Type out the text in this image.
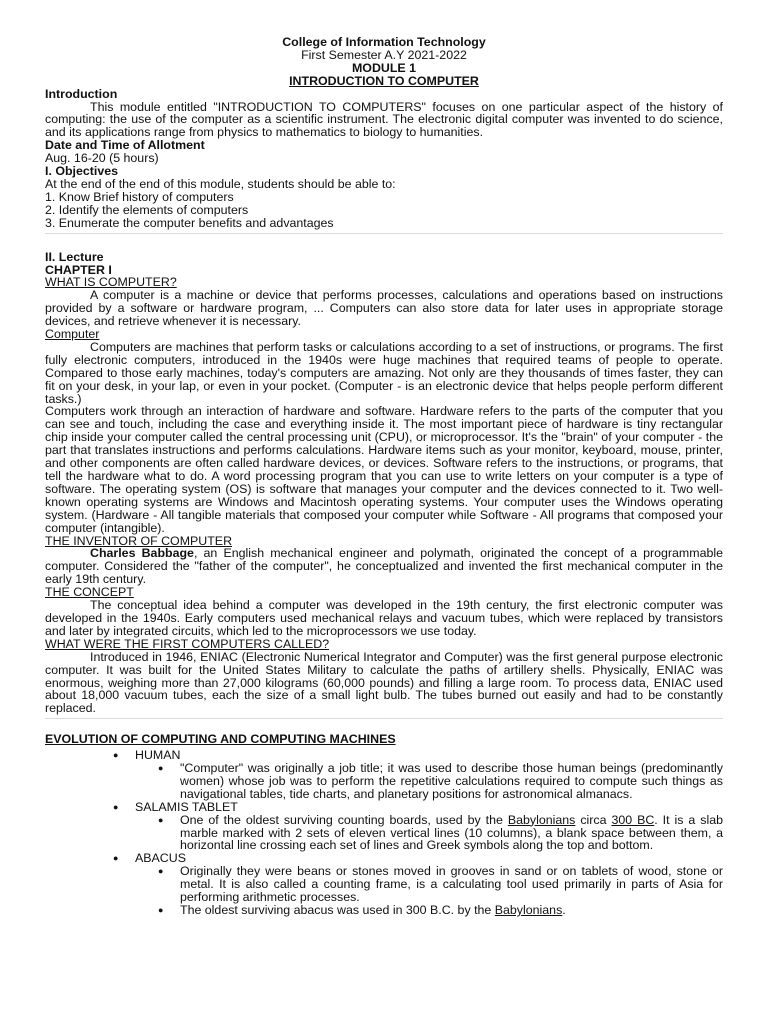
College of Information Technology
First Semester A.Y 2021-2022
MODULE 1
INTRODUCTION TO COMPUTER

Introduction

This module entitled "INTRODUCTION TO COMPUTERS" focuses on one particular aspect of the history of computing: the use of the computer as a scientific instrument. The electronic digital computer was invented to do science, and its applications range from physics to mathematics to biology to humanities.

Date and Time of Allotment

Aug. 16-20 (5 hours)

I. Objectives

At the end of the end of this module, students should be able to:

1. Know Brief history of computers

2. Identify the elements of computers

3. Enumerate the computer benefits and advantages

II. Lecture

CHAPTER I

WHAT IS COMPUTER?

A computer is a machine or device that performs processes, calculations and operations based on instructions provided by a software or hardware program, ... Computers can also store data for later uses in appropriate storage devices, and retrieve whenever it is necessary.

Computer

Computers are machines that perform tasks or calculations according to a set of instructions, or programs. The first fully electronic computers, introduced in the 1940s were huge machines that required teams of people to operate. Compared to those early machines, today's computers are amazing. Not only are they thousands of times faster, they can fit on your desk, in your lap, or even in your pocket. (Computer - is an electronic device that helps people perform different tasks.)

Computers work through an interaction of hardware and software. Hardware refers to the parts of the computer that you can see and touch, including the case and everything inside it. The most important piece of hardware is tiny rectangular chip inside your computer called the central processing unit (CPU), or microprocessor. It's the "brain" of your computer - the part that translates instructions and performs calculations. Hardware items such as your monitor, keyboard, mouse, printer, and other components are often called hardware devices, or devices. Software refers to the instructions, or programs, that tell the hardware what to do. A word processing program that you can use to write letters on your computer is a type of software. The operating system (OS) is software that manages your computer and the devices connected to it. Two well-known operating systems are Windows and Macintosh operating systems. Your computer uses the Windows operating system. (Hardware - All tangible materials that composed your computer while Software - All programs that composed your computer (intangible).

THE INVENTOR OF COMPUTER

Charles Babbage, an English mechanical engineer and polymath, originated the concept of a programmable computer. Considered the "father of the computer", he conceptualized and invented the first mechanical computer in the early 19th century.

THE CONCEPT

The conceptual idea behind a computer was developed in the 19th century, the first electronic computer was developed in the 1940s. Early computers used mechanical relays and vacuum tubes, which were replaced by transistors and later by integrated circuits, which led to the microprocessors we use today.

WHAT WERE THE FIRST COMPUTERS CALLED?

Introduced in 1946, ENIAC (Electronic Numerical Integrator and Computer) was the first general purpose electronic computer. It was built for the United States Military to calculate the paths of artillery shells. Physically, ENIAC was enormous, weighing more than 27,000 kilograms (60,000 pounds) and filling a large room. To process data, ENIAC used about 18,000 vacuum tubes, each the size of a small light bulb. The tubes burned out easily and had to be constantly replaced.

EVOLUTION OF COMPUTING AND COMPUTING MACHINES

● HUMAN
● "Computer" was originally a job title; it was used to describe those human beings (predominantly women) whose job was to perform the repetitive calculations required to compute such things as navigational tables, tide charts, and planetary positions for astronomical almanacs.
● SALAMIS TABLET
● One of the oldest surviving counting boards, used by the Babylonians circa 300 BC. It is a slab marble marked with 2 sets of eleven vertical lines (10 columns), a blank space between them, a horizontal line crossing each set of lines and Greek symbols along the top and bottom.
● ABACUS
● Originally they were beans or stones moved in grooves in sand or on tablets of wood, stone or metal. It is also called a counting frame, is a calculating tool used primarily in parts of Asia for performing arithmetic processes.
● The oldest surviving abacus was used in 300 B.C. by the Babylonians.
